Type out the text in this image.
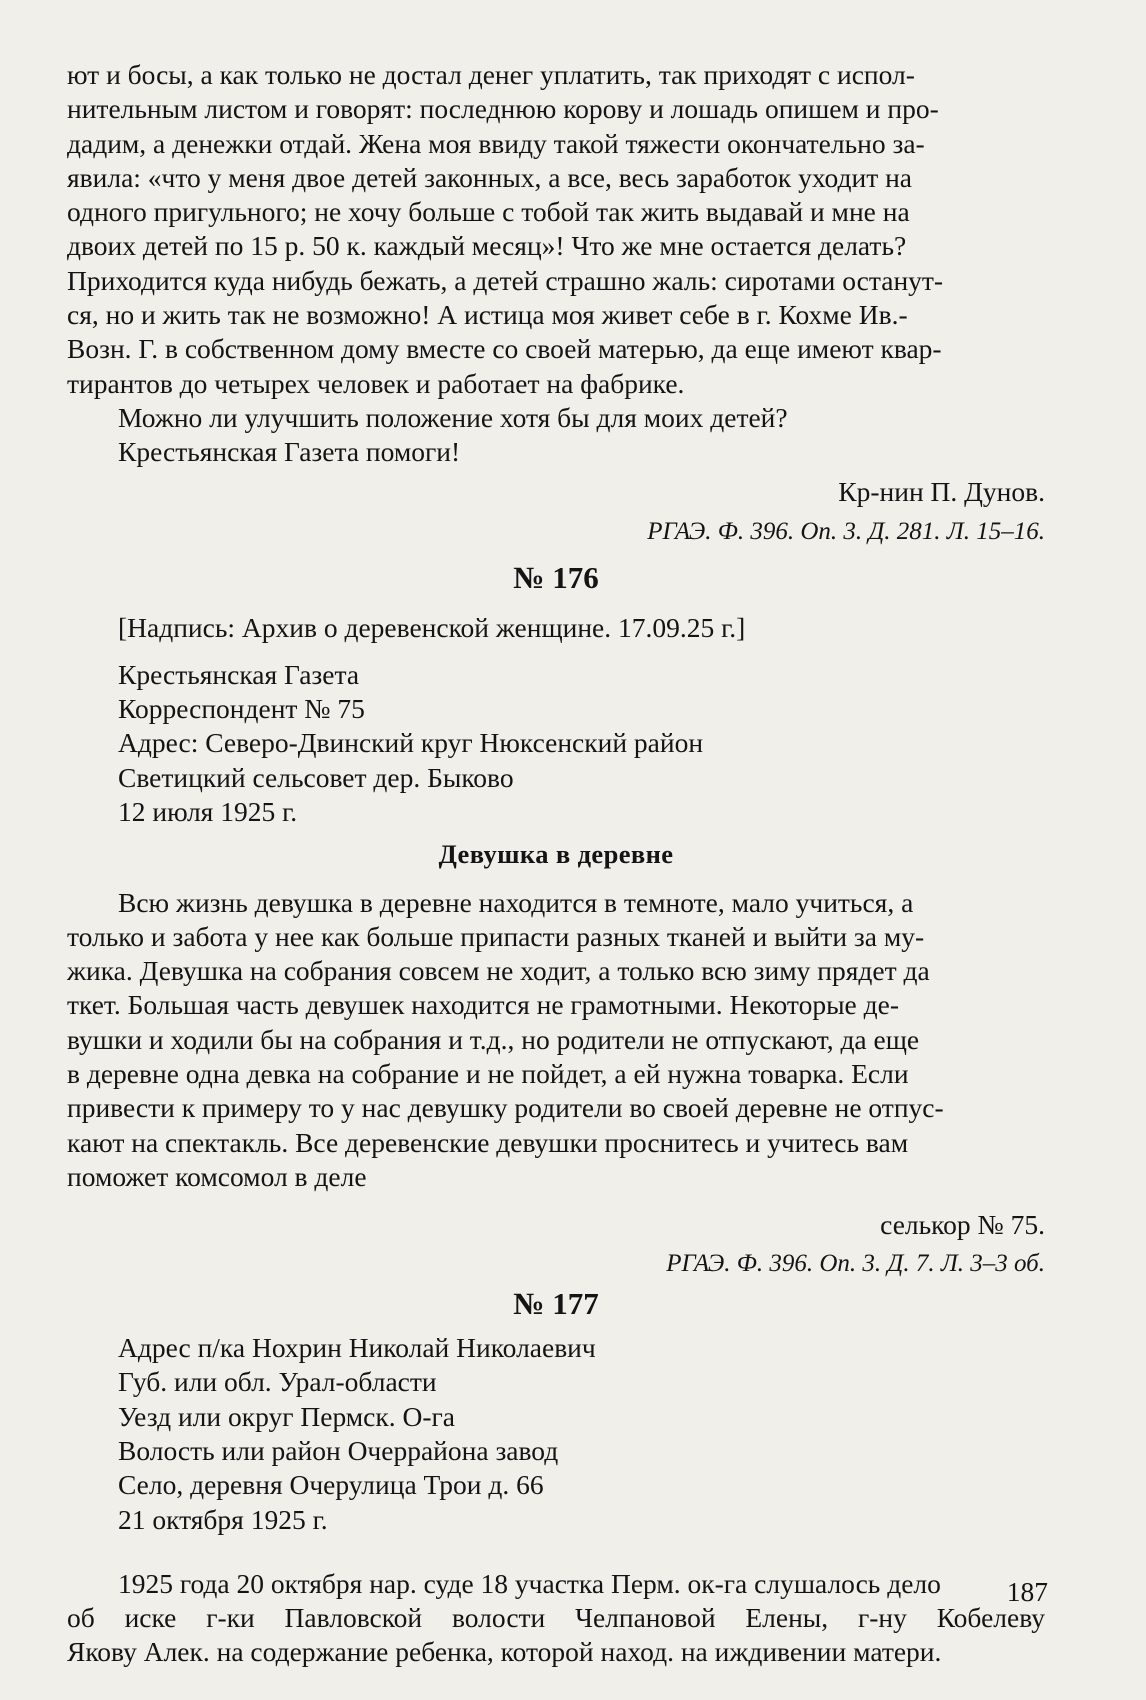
ют и босы, а как только не достал денег уплатить, так приходят с испол-

нительным листом и говорят: последнюю корову и лошадь опишем и про-

дадим, а денежки отдай. Жена моя ввиду такой тяжести окончательно за-

явила: «что у меня двое детей законных, а все, весь заработок уходит на

одного пригульного; не хочу больше с тобой так жить выдавай и мне на

двоих детей по 15 р. 50 к. каждый месяц»! Что же мне остается делать?

Приходится куда нибудь бежать, а детей страшно жаль: сиротами останут-

ся, но и жить так не возможно! А истица моя живет себе в г. Кохме Ив.-

Возн. Г. в собственном дому вместе со своей матерью, да еще имеют квар-

тирантов до четырех человек и работает на фабрике.

Можно ли улучшить положение хотя бы для моих детей?

Крестьянская Газета помоги!

Кр-нин П. Дунов.

РГАЭ. Ф. 396. Оп. 3. Д. 281. Л. 15–16.

№ 176

[Надпись: Архив о деревенской женщине. 17.09.25 г.]

Крестьянская Газета

Корреспондент № 75

Адрес: Северо-Двинский круг Нюксенский район

Светицкий сельсовет дер. Быково

12 июля 1925 г.

Девушка в деревне

Всю жизнь девушка в деревне находится в темноте, мало учиться, а

только и забота у нее как больше припасти разных тканей и выйти за му-

жика. Девушка на собрания совсем не ходит, а только всю зиму прядет да

ткет. Большая часть девушек находится не грамотными. Некоторые де-

вушки и ходили бы на собрания и т.д., но родители не отпускают, да еще

в деревне одна девка на собрание и не пойдет, а ей нужна товарка. Если

привести к примеру то у нас девушку родители во своей деревне не отпус-

кают на спектакль. Все деревенские девушки проснитесь и учитесь вам

поможет комсомол в деле

селькор № 75.

РГАЭ. Ф. 396. Оп. 3. Д. 7. Л. 3–3 об.

№ 177

Адрес п/ка Нохрин Николай Николаевич

Губ. или обл. Урал-области

Уезд или округ Пермск. О-га

Волость или район Очеррайона завод

Село, деревня Очерулица Трои д. 66

21 октября 1925 г.

1925 года 20 октября нар. суде 18 участка Перм. ок-га слушалось дело

об иске г-ки Павловской волости Челпановой Елены, г-ну Кобелеву

Якову Алек. на содержание ребенка, которой наход. на иждивении матери.

187
